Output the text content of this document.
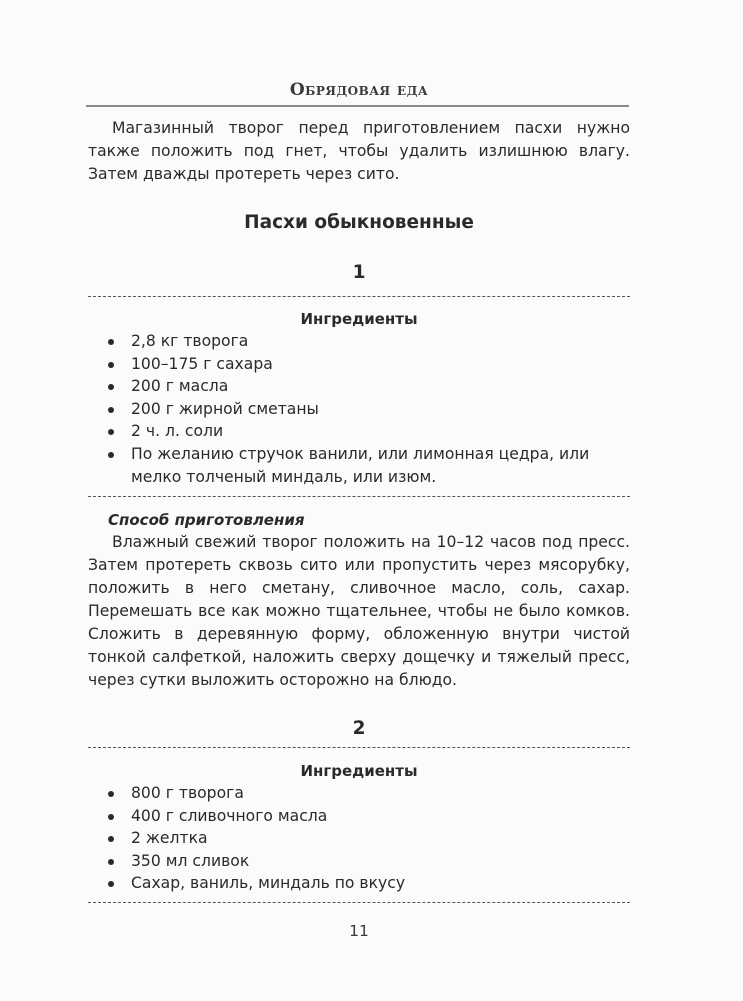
Обрядовая еда

Магазинный творог перед приготовлением пасхи нужно также положить под гнет, чтобы удалить излишнюю влагу. Затем дважды протереть через сито.

Пасхи обыкновенные
1
Ингредиенты
2,8 кг творога
100–175 г сахара
200 г масла
200 г жирной сметаны
2 ч. л. соли
По желанию стручок ванили, или лимонная цедра, или мелко толченый миндаль, или изюм.
Способ приготовления

Влажный свежий творог положить на 10–12 часов под пресс. Затем протереть сквозь сито или пропустить через мясорубку, положить в него сметану, сливочное масло, соль, сахар. Перемешать все как можно тщательнее, чтобы не было комков. Сложить в деревянную форму, обложенную внутри чистой тонкой салфеткой, наложить сверху дощечку и тяжелый пресс, через сутки выложить осторожно на блюдо.

2
Ингредиенты
800 г творога
400 г сливочного масла
2 желтка
350 мл сливок
Сахар, ваниль, миндаль по вкусу
11
